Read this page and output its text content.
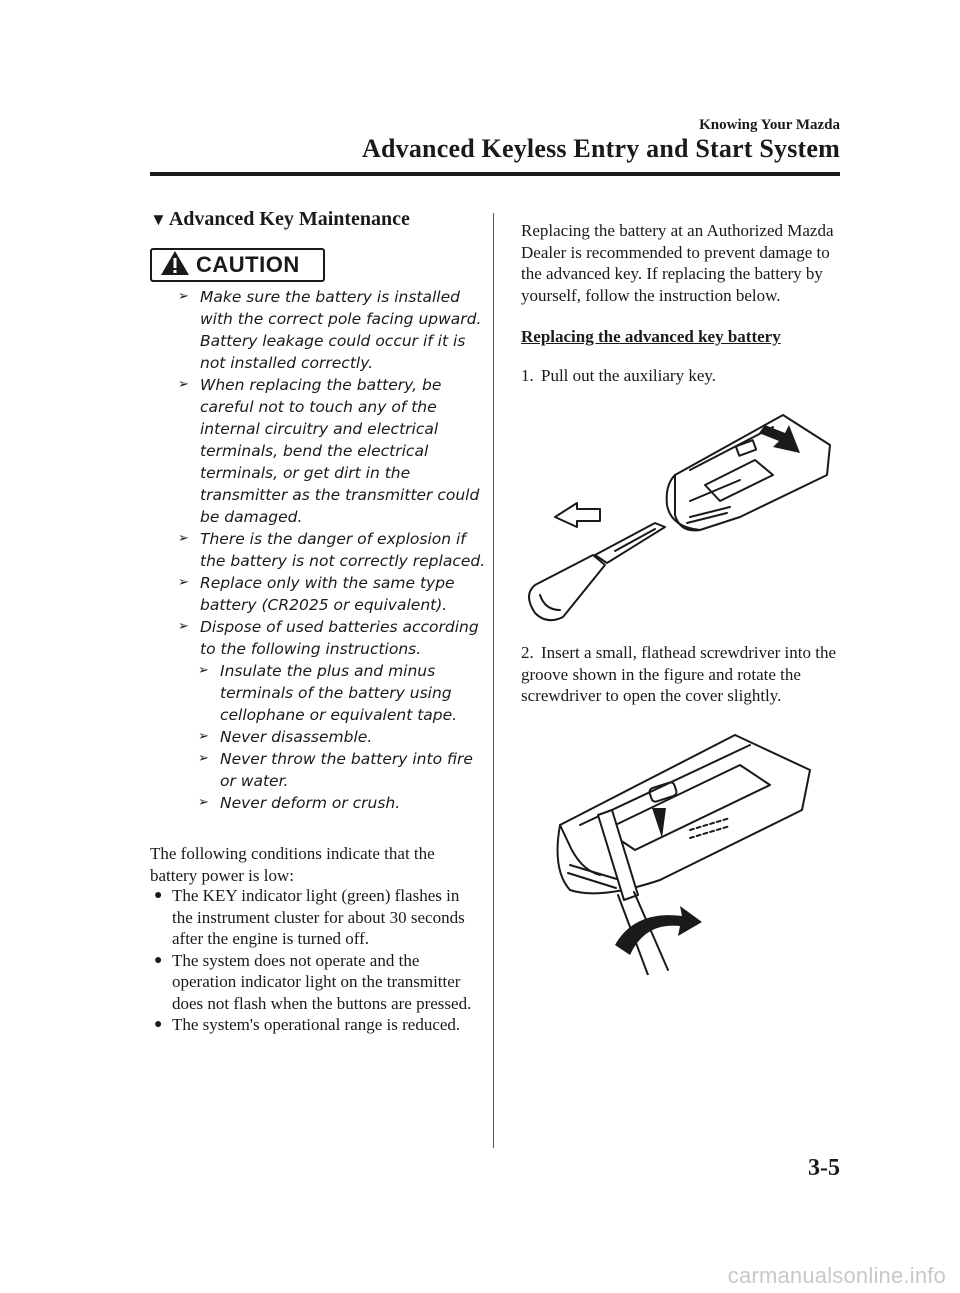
Knowing Your Mazda
Advanced Keyless Entry and Start System
▼ Advanced Key Maintenance
CAUTION
➢ Make sure the battery is installed with the correct pole facing upward. Battery leakage could occur if it is not installed correctly.
➢ When replacing the battery, be careful not to touch any of the internal circuitry and electrical terminals, bend the electrical terminals, or get dirt in the transmitter as the transmitter could be damaged.
➢ There is the danger of explosion if the battery is not correctly replaced.
➢ Replace only with the same type battery (CR2025 or equivalent).
➢ Dispose of used batteries according to the following instructions.
➢ Insulate the plus and minus terminals of the battery using cellophane or equivalent tape.
➢ Never disassemble.
➢ Never throw the battery into fire or water.
➢ Never deform or crush.
The following conditions indicate that the battery power is low:
● The KEY indicator light (green) flashes in the instrument cluster for about 30 seconds after the engine is turned off.
● The system does not operate and the operation indicator light on the transmitter does not flash when the buttons are pressed.
● The system's operational range is reduced.
Replacing the battery at an Authorized Mazda Dealer is recommended to prevent damage to the advanced key. If replacing the battery by yourself, follow the instruction below.
Replacing the advanced key battery
1. Pull out the auxiliary key.
2. Insert a small, flathead screwdriver into the groove shown in the figure and rotate the screwdriver to open the cover slightly.
3-5
carmanualsonline.info
